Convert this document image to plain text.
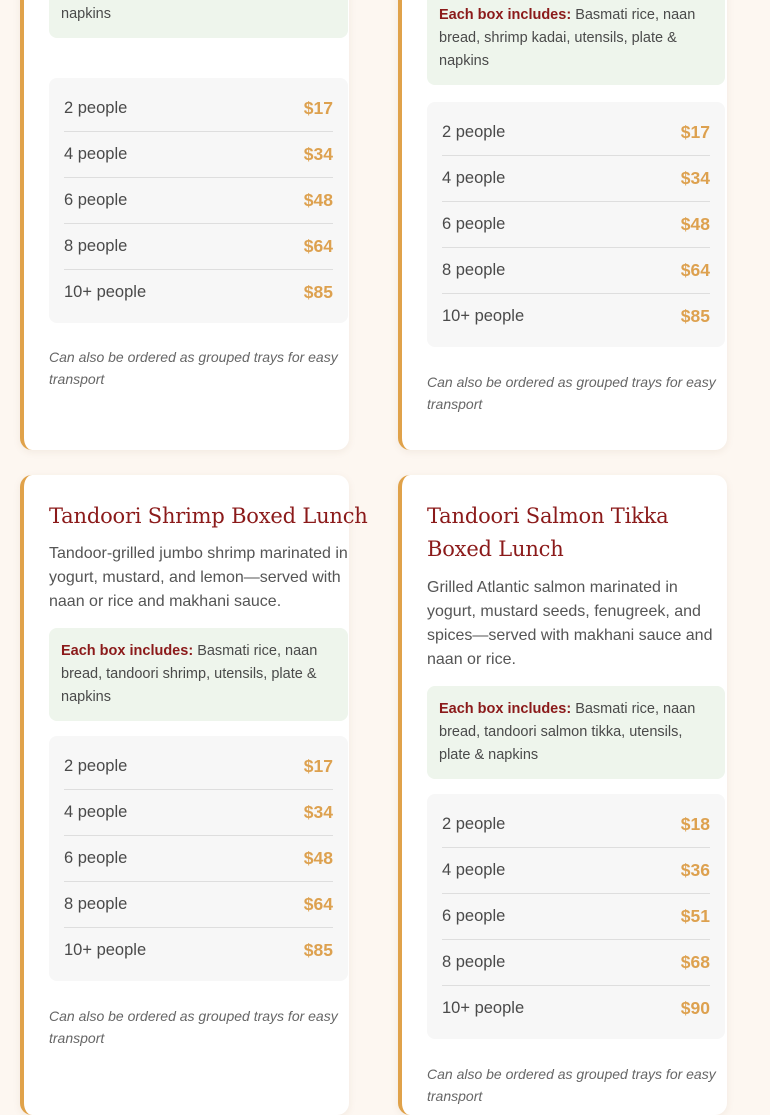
napkins
2 people	$17
4 people	$34
6 people	$48
8 people	$64
10+ people	$85

Can also be ordered as grouped trays for easy transport

Each box includes: Basmati rice, naan bread, shrimp kadai, utensils, plate & napkins
2 people	$17
4 people	$34
6 people	$48
8 people	$64
10+ people	$85

Can also be ordered as grouped trays for easy transport

Tandoori Shrimp Boxed Lunch

Tandoor-grilled jumbo shrimp marinated in yogurt, mustard, and lemon—served with naan or rice and makhani sauce.

Each box includes: Basmati rice, naan bread, tandoori shrimp, utensils, plate & napkins
2 people	$17
4 people	$34
6 people	$48
8 people	$64
10+ people	$85

Can also be ordered as grouped trays for easy transport

Tandoori Salmon Tikka Boxed Lunch

Grilled Atlantic salmon marinated in yogurt, mustard seeds, fenugreek, and spices—served with makhani sauce and naan or rice.

Each box includes: Basmati rice, naan bread, tandoori salmon tikka, utensils, plate & napkins
2 people	$18
4 people	$36
6 people	$51
8 people	$68
10+ people	$90

Can also be ordered as grouped trays for easy transport
